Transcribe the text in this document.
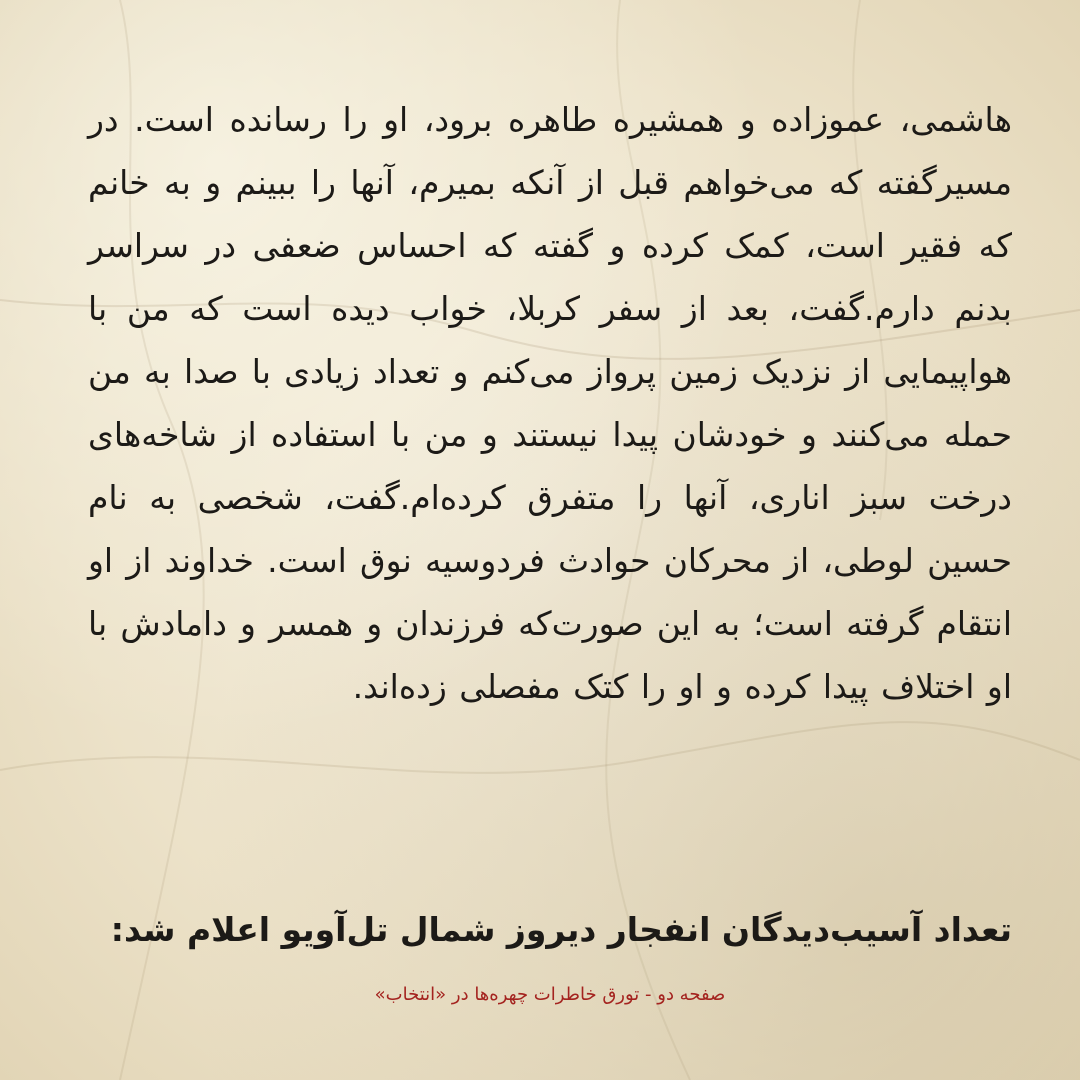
هاشمی، عموزاده و همشیره طاهره برود، او را رسانده است. در مسیرگفته که می‌خواهم قبل از آنکه بمیرم، آنها را ببینم و به خانم که فقیر است، کمک کرده و گفته که احساس ضعفی در سراسر بدنم دارم.گفت، بعد از سفر کربلا، خواب دیده است که من با هواپیمایی از نزدیک زمین پرواز می‌کنم و تعداد زیادی با صدا به من حمله می‌کنند و خودشان پیدا نیستند و من با استفاده از شاخه‌های درخت سبز اناری، آنها را متفرق کرده‌ام.گفت، شخصی به نام حسین لوطی، از محرکان حوادث فردوسیه نوق است. خداوند از او انتقام گرفته است؛ به این صورت‌که فرزندان و همسر و دامادش با او اختلاف پیدا کرده و او را کتک مفصلی زده‌اند.

تعداد آسیب‌دیدگان انفجار دیروز شمال تل‌آویو اعلام شد:
صفحه دو - تورق خاطرات چهره‌ها در «انتخاب»
